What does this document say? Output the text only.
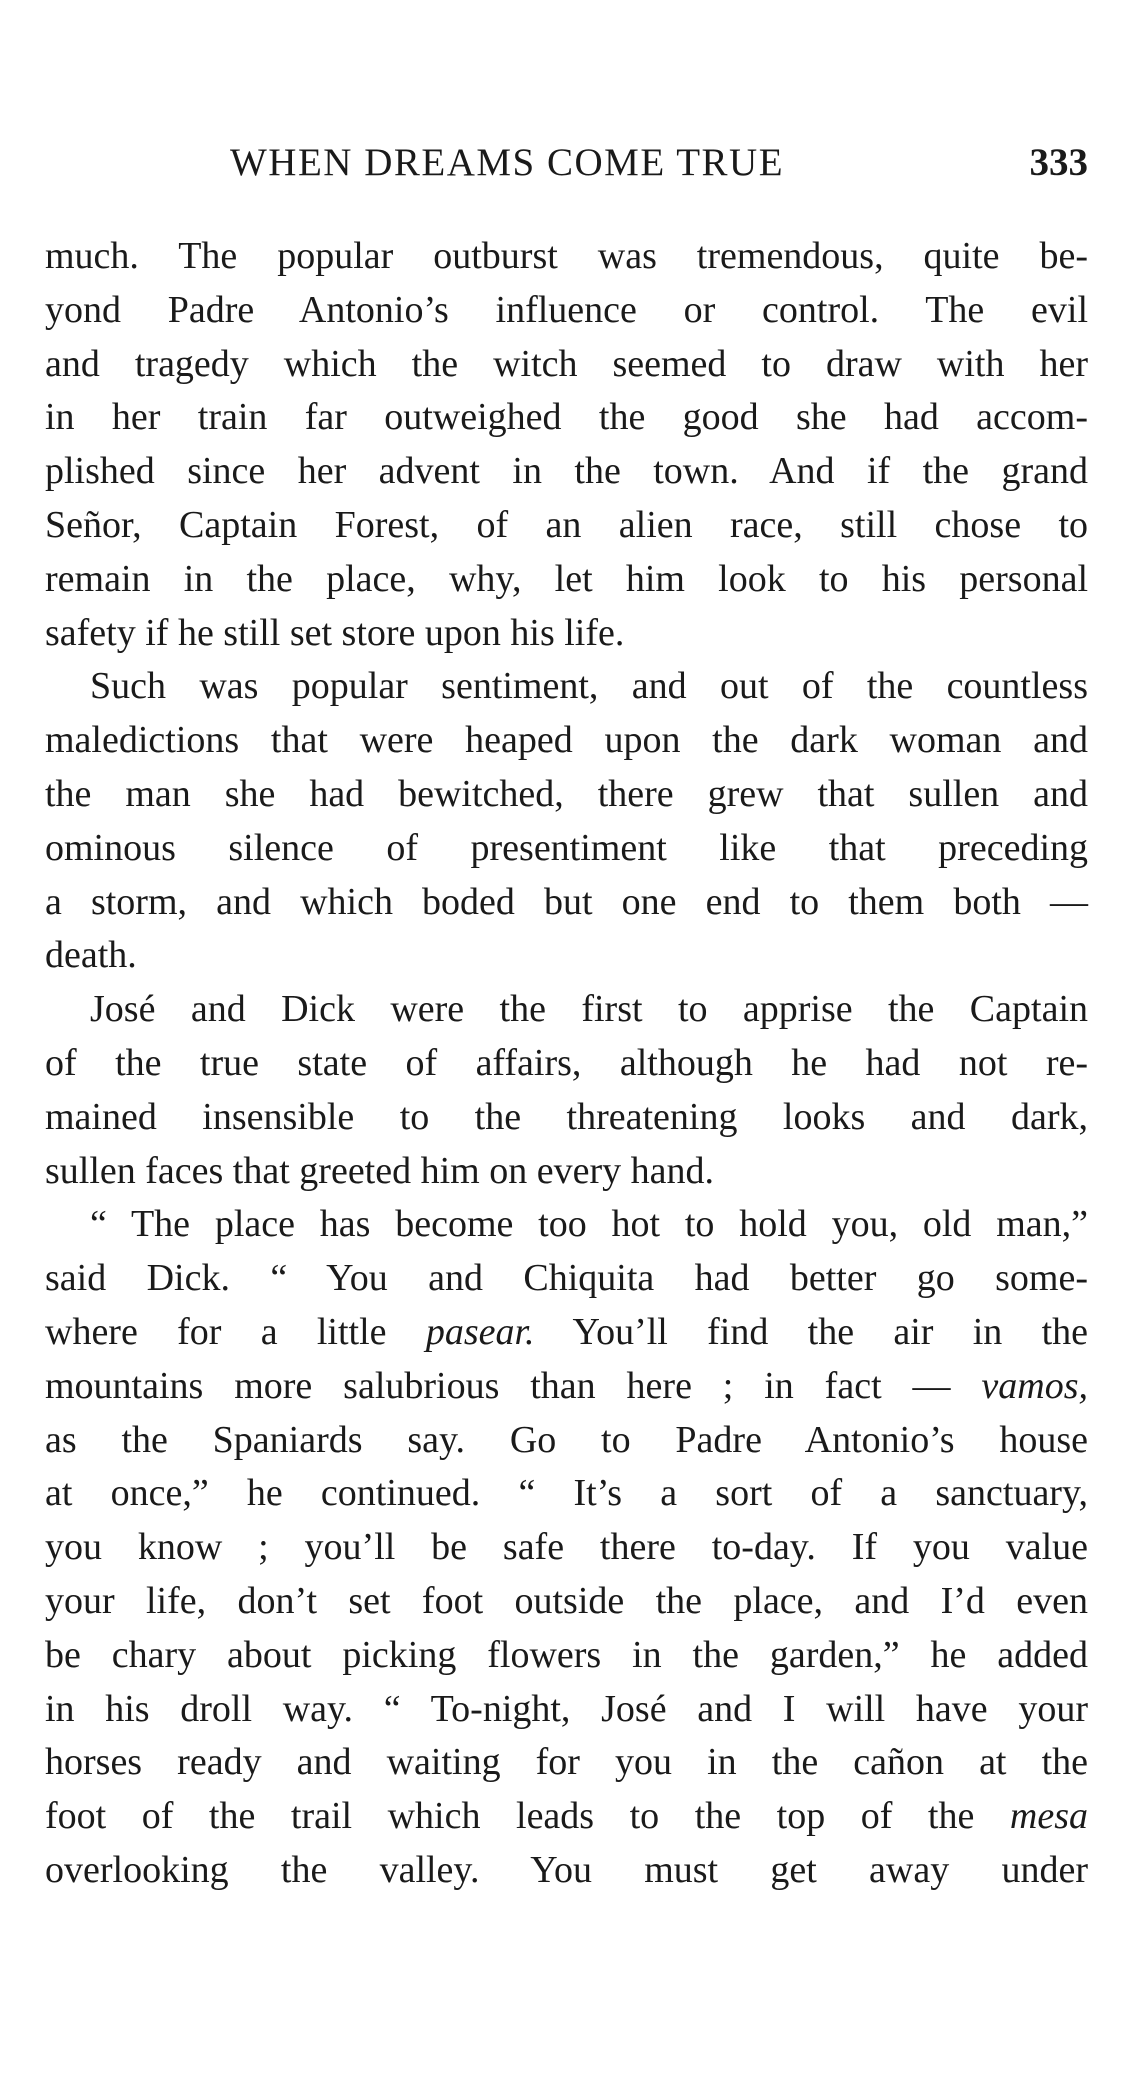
WHEN DREAMS COME TRUE	333
much. The popular outburst was tremendous, quite be-
yond Padre Antonio’s influence or control. The evil
and tragedy which the witch seemed to draw with her
in her train far outweighed the good she had accom-
plished since her advent in the town. And if the grand
Señor, Captain Forest, of an alien race, still chose to
remain in the place, why, let him look to his personal
safety if he still set store upon his life.
Such was popular sentiment, and out of the countless
maledictions that were heaped upon the dark woman and
the man she had bewitched, there grew that sullen and
ominous silence of presentiment like that preceding
a storm, and which boded but one end to them both —
death.
José and Dick were the first to apprise the Captain
of the true state of affairs, although he had not re-
mained insensible to the threatening looks and dark,
sullen faces that greeted him on every hand.
“ The place has become too hot to hold you, old man,”
said Dick. “ You and Chiquita had better go some-
where for a little pasear. You’ll find the air in the
mountains more salubrious than here ; in fact — vamos,
as the Spaniards say. Go to Padre Antonio’s house
at once,” he continued. “ It’s a sort of a sanctuary,
you know ; you’ll be safe there to-day. If you value
your life, don’t set foot outside the place, and I’d even
be chary about picking flowers in the garden,” he added
in his droll way. “ To-night, José and I will have your
horses ready and waiting for you in the cañon at the
foot of the trail which leads to the top of the mesa
overlooking the valley. You must get away under
